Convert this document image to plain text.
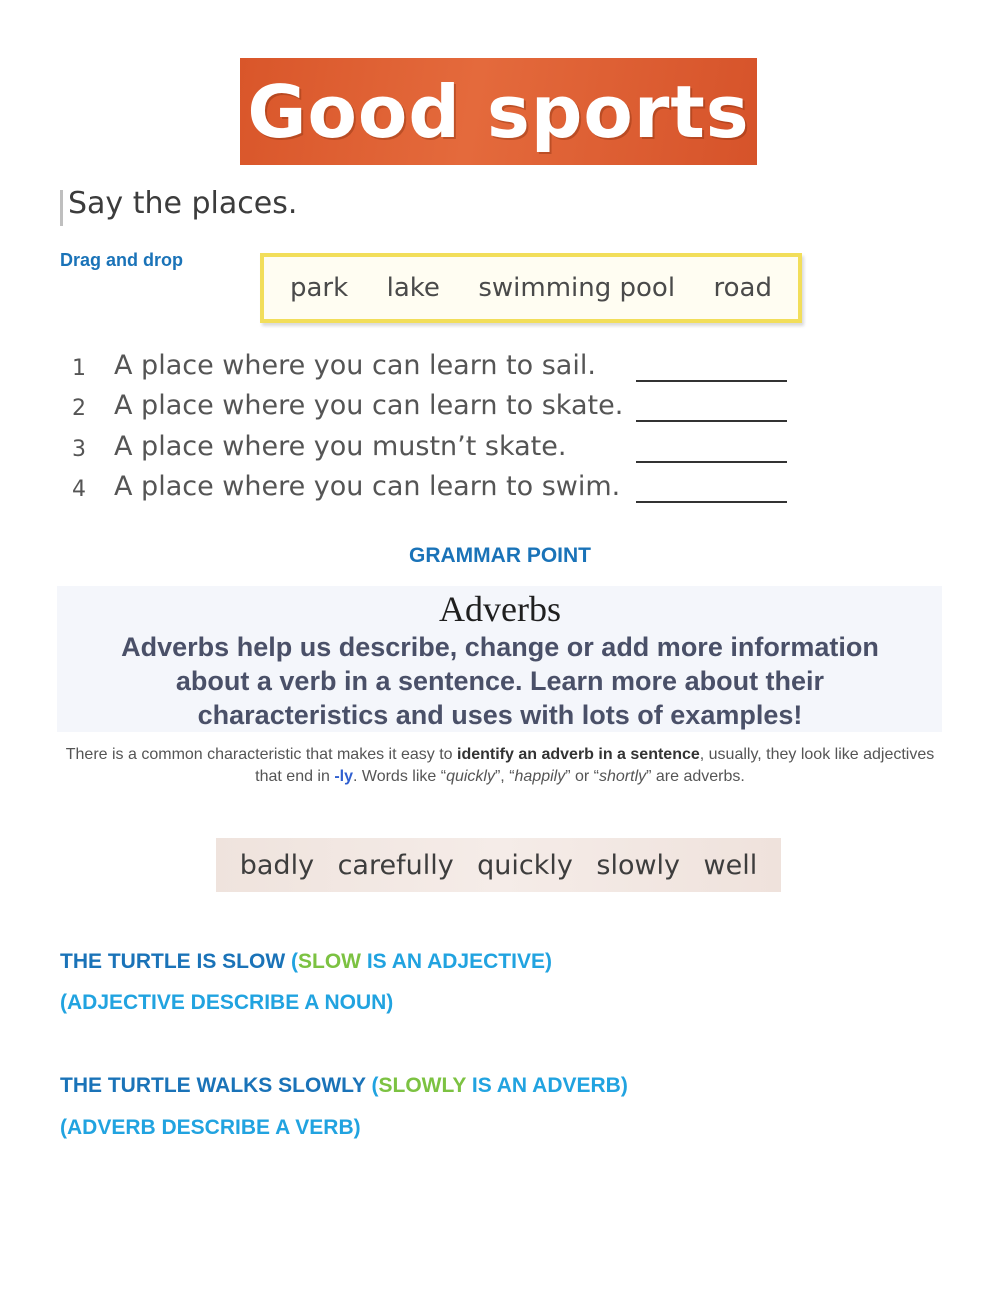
Good sports
Say the places.
Drag and drop
park lake swimming pool road
1 A place where you can learn to sail.
2 A place where you can learn to skate.
3 A place where you mustn’t skate.
4 A place where you can learn to swim.
GRAMMAR POINT
Adverbs
Adverbs help us describe, change or add more information about a verb in a sentence. Learn more about their characteristics and uses with lots of examples!
There is a common characteristic that makes it easy to identify an adverb in a sentence, usually, they look like adjectives that end in -ly. Words like “quickly”, “happily” or “shortly” are adverbs.
badly carefully quickly slowly well
THE TURTLE IS SLOW (SLOW IS AN ADJECTIVE)
(ADJECTIVE DESCRIBE A NOUN)
THE TURTLE WALKS SLOWLY (SLOWLY IS AN ADVERB)
(ADVERB DESCRIBE A VERB)
